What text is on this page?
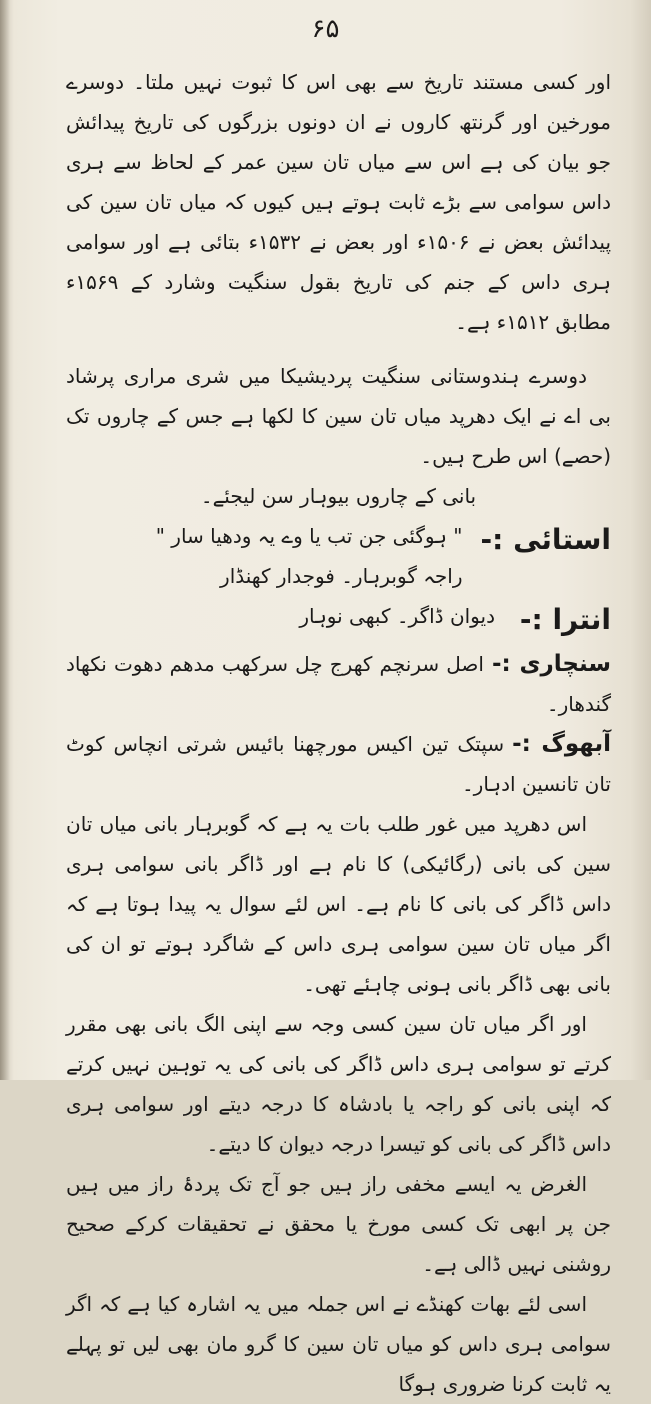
۶۵

اور کسی مستند تاریخ سے بھی اس کا ثبوت نہیں ملتا۔ دوسرے مورخین اور گرنتھ کاروں نے ان دونوں بزرگوں کی تاریخ پیدائش جو بیان کی ہے اس سے میاں تان سین عمر کے لحاظ سے ہری داس سوامی سے بڑے ثابت ہوتے ہیں کیوں کہ میاں تان سین کی پیدائش بعض نے ۱۵۰۶ء اور بعض نے ۱۵۳۲ء بتائی ہے اور سوامی ہری داس کے جنم کی تاریخ بقول سنگیت وشارد کے ۱۵۶۹ء مطابق ۱۵۱۲ء ہے۔

دوسرے ہندوستانی سنگیت پردیشیکا میں شری مراری پرشاد بی اے نے ایک دھرپد میاں تان سین کا لکھا ہے جس کے چاروں تک (حصے) اس طرح ہیں۔

بانی کے چاروں بیوہار سن لیجئے۔

استائی :-

" ہوگئی جن تب یا وے یہ ودھیا سار "

راجہ گوبرہار۔ فوجدار کھنڈار

انترا :-

دیوان ڈاگر۔ کبھی نوہار

سنچاری :-اصل سرنچم کھرج چل سرکھب مدھم دھوت نکھاد گندھار۔

آبھوگ :-سپتک تین اکیس مورچھنا بائیس شرتی انچاس کوٹ تان تانسین ادہار۔

اس دھرپد میں غور طلب بات یہ ہے کہ گوبرہار بانی میاں تان سین کی بانی (رگائیکی) کا نام ہے اور ڈاگر بانی سوامی ہری داس ڈاگر کی بانی کا نام ہے۔ اس لئے سوال یہ پیدا ہوتا ہے کہ اگر میاں تان سین سوامی ہری داس کے شاگرد ہوتے تو ان کی بانی بھی ڈاگر بانی ہونی چاہئے تھی۔

اور اگر میاں تان سین کسی وجہ سے اپنی الگ بانی بھی مقرر کرتے تو سوامی ہری داس ڈاگر کی بانی کی یہ توہین نہیں کرتے کہ اپنی بانی کو راجہ یا بادشاہ کا درجہ دیتے اور سوامی ہری داس ڈاگر کی بانی کو تیسرا درجہ دیوان کا دیتے۔

الغرض یہ ایسے مخفی راز ہیں جو آج تک پردۂ راز میں ہیں جن پر ابھی تک کسی مورخ یا محقق نے تحقیقات کرکے صحیح روشنی نہیں ڈالی ہے۔

اسی لئے بھات کھنڈے نے اس جملہ میں یہ اشارہ کیا ہے کہ اگر سوامی ہری داس کو میاں تان سین کا گرو مان بھی لیں تو پہلے یہ ثابت کرنا ضروری ہوگا
